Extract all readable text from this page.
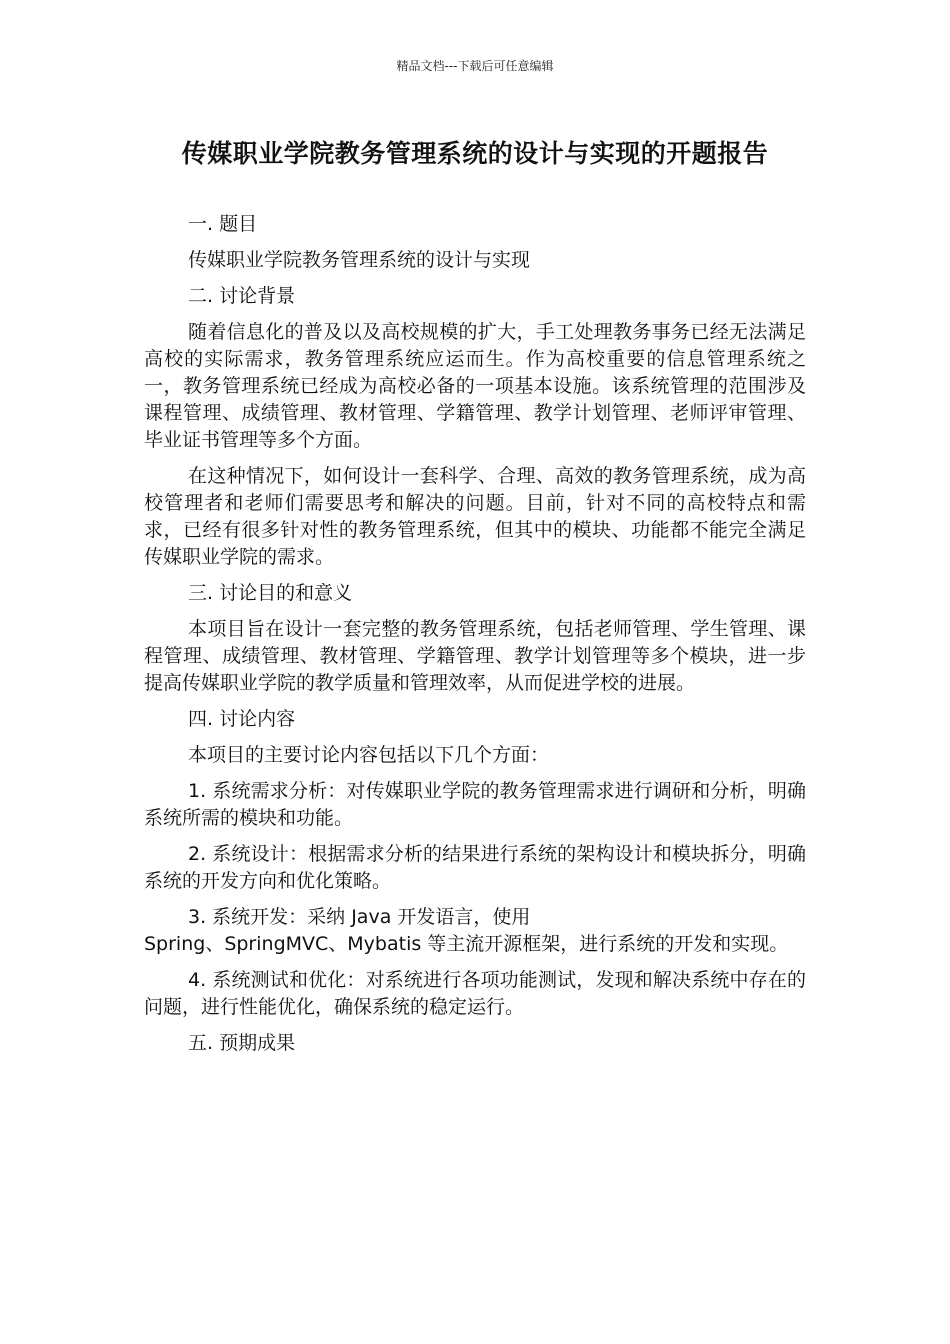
精品文档---下载后可任意编辑
传媒职业学院教务管理系统的设计与实现的开题报告

一. 题目

传媒职业学院教务管理系统的设计与实现

二. 讨论背景

随着信息化的普及以及高校规模的扩大，手工处理教务事务已经无法满足高校的实际需求，教务管理系统应运而生。作为高校重要的信息管理系统之一，教务管理系统已经成为高校必备的一项基本设施。该系统管理的范围涉及课程管理、成绩管理、教材管理、学籍管理、教学计划管理、老师评审管理、毕业证书管理等多个方面。

在这种情况下，如何设计一套科学、合理、高效的教务管理系统，成为高校管理者和老师们需要思考和解决的问题。目前，针对不同的高校特点和需求，已经有很多针对性的教务管理系统，但其中的模块、功能都不能完全满足传媒职业学院的需求。

三. 讨论目的和意义

本项目旨在设计一套完整的教务管理系统，包括老师管理、学生管理、课程管理、成绩管理、教材管理、学籍管理、教学计划管理等多个模块，进一步提高传媒职业学院的教学质量和管理效率，从而促进学校的进展。

四. 讨论内容

本项目的主要讨论内容包括以下几个方面：

1. 系统需求分析：对传媒职业学院的教务管理需求进行调研和分析，明确系统所需的模块和功能。

2. 系统设计：根据需求分析的结果进行系统的架构设计和模块拆分，明确系统的开发方向和优化策略。

3. 系统开发：采纳 Java 开发语言，使用
Spring、SpringMVC、Mybatis 等主流开源框架，进行系统的开发和实现。

4. 系统测试和优化：对系统进行各项功能测试，发现和解决系统中存在的问题，进行性能优化，确保系统的稳定运行。

五. 预期成果
